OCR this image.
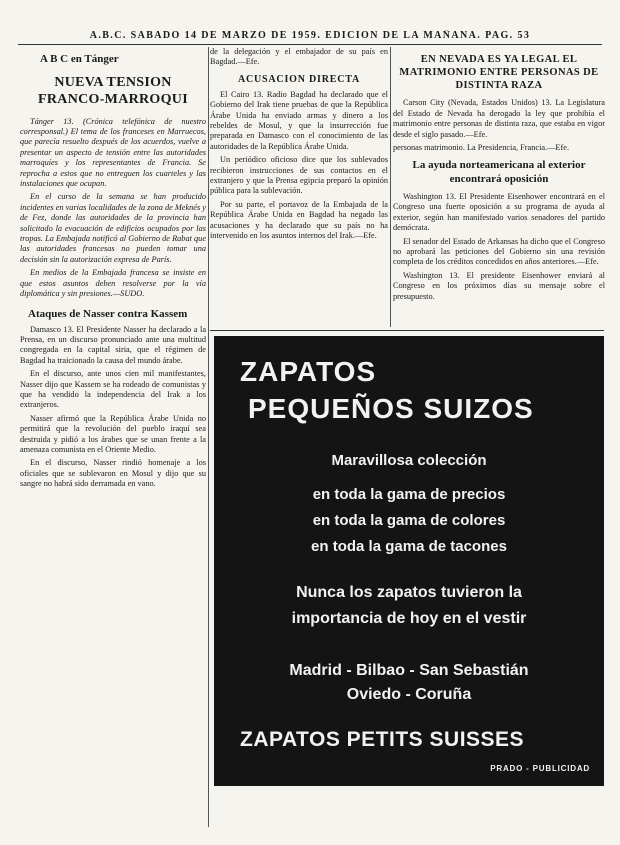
A.B.C. SABADO 14 DE MARZO DE 1959. EDICION DE LA MAÑANA. PAG. 53
A B C en Tánger
NUEVA TENSION FRANCO-MARROQUI

Tánger 13. (Crónica telefónica de nuestro corresponsal.) El tema de los franceses en Marruecos, que parecía resuelto después de los acuerdos, vuelve a presentar un aspecto de tensión entre las autoridades marroquíes y los representantes de Francia. Se reprocha a estos que no entreguen los cuarteles y las instalaciones que ocupan.

En el curso de la semana se han producido incidentes en varias localidades de la zona de Meknés y de Fez, donde las autoridades de la provincia han solicitado la evacuación de edificios ocupados por las tropas. La Embajada notificó al Gobierno de Rabat que las autoridades francesas no pueden tomar una decisión sin la autorización expresa de París.

En medios de la Embajada francesa se insiste en que estos asuntos deben resolverse por la vía diplomática y sin presiones.—SUDO.

Ataques de Nasser contra Kassem

Damasco 13. El Presidente Nasser ha declarado a la Prensa, en un discurso pronunciado ante una multitud congregada en la capital siria, que el régimen de Bagdad ha traicionado la causa del mundo árabe.

En el discurso, ante unos cien mil manifestantes, Nasser dijo que Kassem se ha rodeado de comunistas y que ha vendido la independencia del Irak a los extranjeros.

Nasser afirmó que la República Árabe Unida no permitirá que la revolución del pueblo iraquí sea destruida y pidió a los árabes que se unan frente a la amenaza comunista en el Oriente Medio.

En el discurso, Nasser rindió homenaje a los oficiales que se sublevaron en Mosul y dijo que su sangre no habrá sido derramada en vano.

de la delegación y el embajador de su país en Bagdad.—Efe.

ACUSACION DIRECTA

El Cairo 13. Radio Bagdad ha declarado que el Gobierno del Irak tiene pruebas de que la República Árabe Unida ha enviado armas y dinero a los rebeldes de Mosul, y que la insurrección fue preparada en Damasco con el conocimiento de las autoridades de la República Árabe Unida.

Un periódico oficioso dice que los sublevados recibieron instrucciones de sus contactos en el extranjero y que la Prensa egipcia preparó la opinión pública para la sublevación.

Por su parte, el portavoz de la Embajada de la República Árabe Unida en Bagdad ha negado las acusaciones y ha declarado que su país no ha intervenido en los asuntos internos del Irak.—Efe.

EN NEVADA ES YA LEGAL EL MATRIMONIO ENTRE PERSONAS DE DISTINTA RAZA

Carson City (Nevada, Estados Unidos) 13. La Legislatura del Estado de Nevada ha derogado la ley que prohibía el matrimonio entre personas de distinta raza, que estaba en vigor desde el siglo pasado.—Efe.

personas matrimonio. La Presidencia, Francia.—Efe.

La ayuda norteamericana al exterior encontrará oposición

Washington 13. El Presidente Eisenhower encontrará en el Congreso una fuerte oposición a su programa de ayuda al exterior, según han manifestado varios senadores del partido demócrata.

El senador del Estado de Arkansas ha dicho que el Congreso no aprobará las peticiones del Gobierno sin una revisión completa de los créditos concedidos en años anteriores.—Efe.

Washington 13. El presidente Eisenhower enviará al Congreso en los próximos días su mensaje sobre el presupuesto.

ZAPATOS
PEQUEÑOS SUIZOS
Maravillosa colección
en toda la gama de precios
en toda la gama de colores
en toda la gama de tacones
Nunca los zapatos tuvieron la
importancia de hoy en el vestir
Madrid - Bilbao - San Sebastián
Oviedo - Coruña
ZAPATOS PETITS SUISSES
PRADO - PUBLICIDAD
